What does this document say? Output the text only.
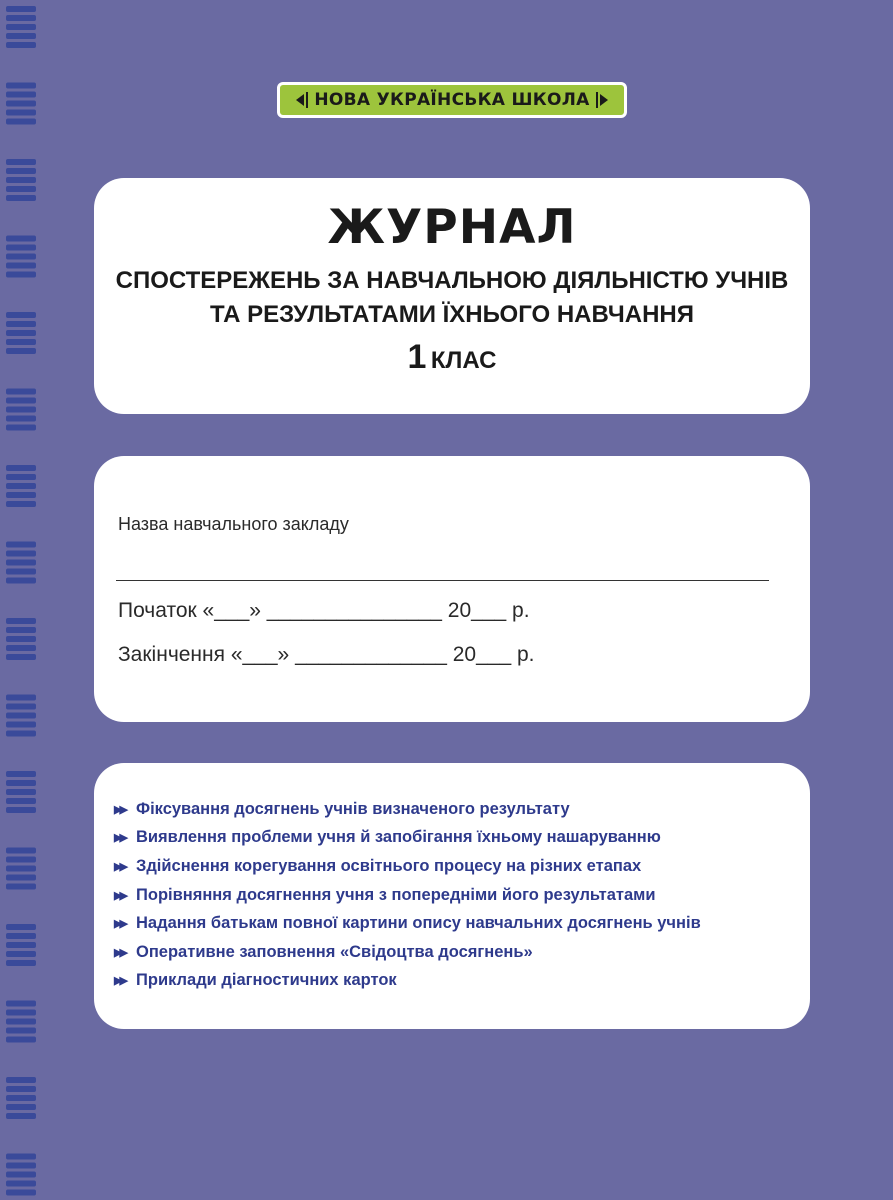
НОВА УКРАЇНСЬКА ШКОЛА
ЖУРНАЛ
СПОСТЕРЕЖЕНЬ ЗА НАВЧАЛЬНОЮ ДІЯЛЬНІСТЮ УЧНІВ
ТА РЕЗУЛЬТАТАМИ ЇХНЬОГО НАВЧАННЯ
1 КЛАС
Назва навчального закладу
Початок «___» _______________ 20___ р.
Закінчення «___» _____________ 20___ р.
▶▶ Фіксування досягнень учнів визначеного результату
▶▶ Виявлення проблеми учня й запобігання їхньому нашаруванню
▶▶ Здійснення корегування освітнього процесу на різних етапах
▶▶ Порівняння досягнення учня з попередніми його результатами
▶▶ Надання батькам повної картини опису навчальних досягнень учнів
▶▶ Оперативне заповнення «Свідоцтва досягнень»
▶▶ Приклади діагностичних карток
